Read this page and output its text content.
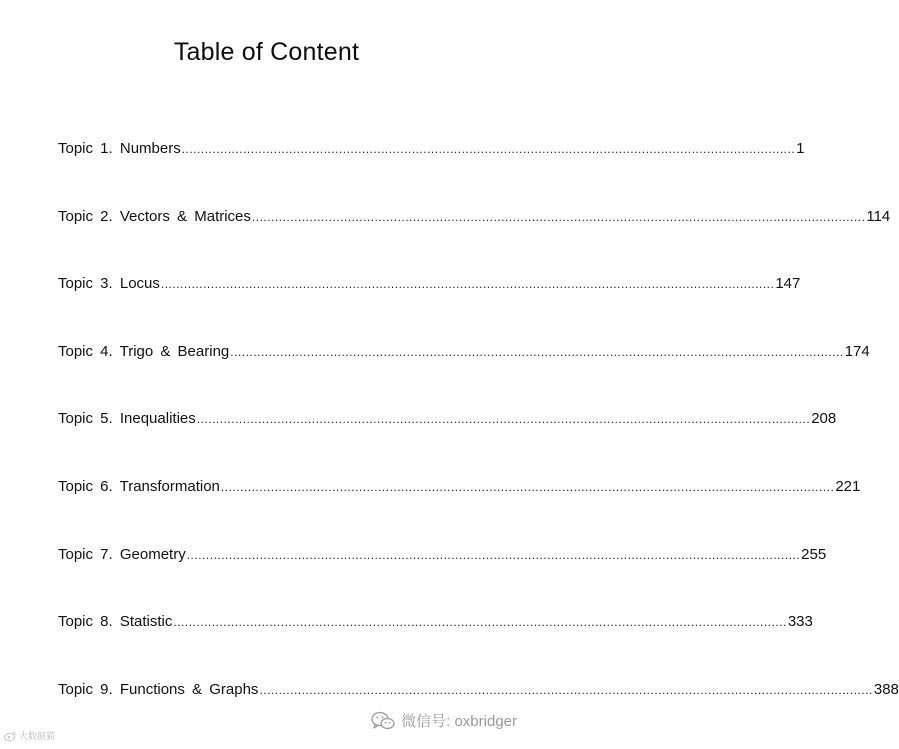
Table of Content
Topic 1. Numbers ................................................................................................................................................................ 1
Topic 2. Vectors & Matrices ................................................................................................................................................................ 114
Topic 3. Locus ................................................................................................................................................................ 147
Topic 4. Trigo & Bearing ................................................................................................................................................................ 174
Topic 5. Inequalities ................................................................................................................................................................ 208
Topic 6. Transformation ................................................................................................................................................................ 221
Topic 7. Geometry ................................................................................................................................................................ 255
Topic 8. Statistic ................................................................................................................................................................ 333
Topic 9. Functions & Graphs ................................................................................................................................................................ 388
大数据猫
微信号: oxbridger
